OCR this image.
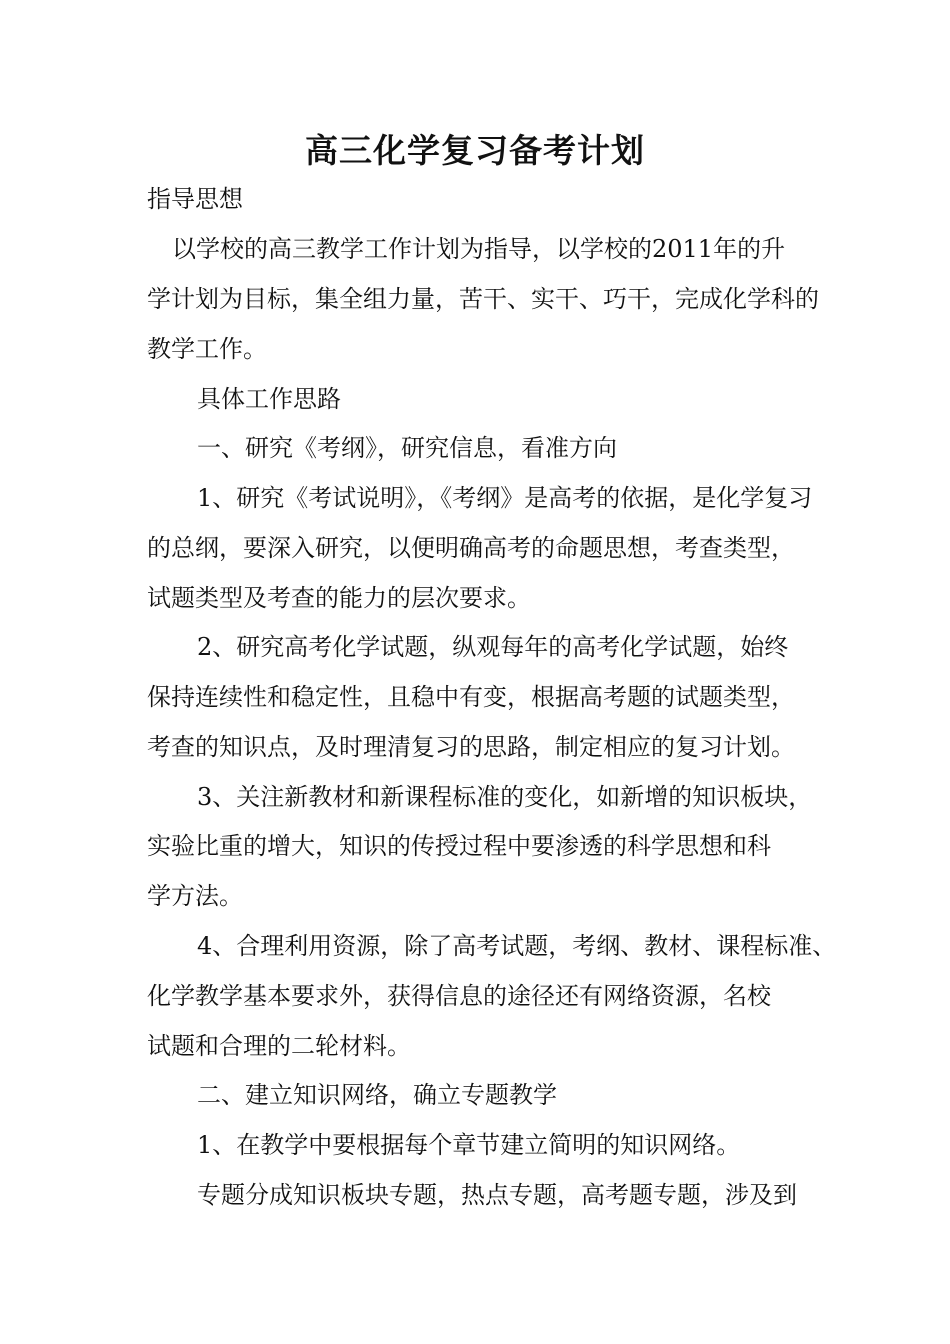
高三化学复习备考计划
指导思想
以学校的高三教学工作计划为指导，以学校的2011年的升
学计划为目标，集全组力量，苦干、实干、巧干，完成化学科的
教学工作。
具体工作思路
一、研究《考纲》，研究信息，看准方向
1、研究《考试说明》，《考纲》是高考的依据，是化学复习
的总纲，要深入研究，以便明确高考的命题思想，考查类型，
试题类型及考查的能力的层次要求。
2、研究高考化学试题，纵观每年的高考化学试题，始终
保持连续性和稳定性，且稳中有变，根据高考题的试题类型，
考查的知识点，及时理清复习的思路，制定相应的复习计划。
3、关注新教材和新课程标准的变化，如新增的知识板块，
实验比重的增大，知识的传授过程中要渗透的科学思想和科
学方法。
4、合理利用资源，除了高考试题，考纲、教材、课程标准、
化学教学基本要求外，获得信息的途径还有网络资源，名校
试题和合理的二轮材料。
二、建立知识网络，确立专题教学
1、在教学中要根据每个章节建立简明的知识网络。
专题分成知识板块专题，热点专题，高考题专题，涉及到
